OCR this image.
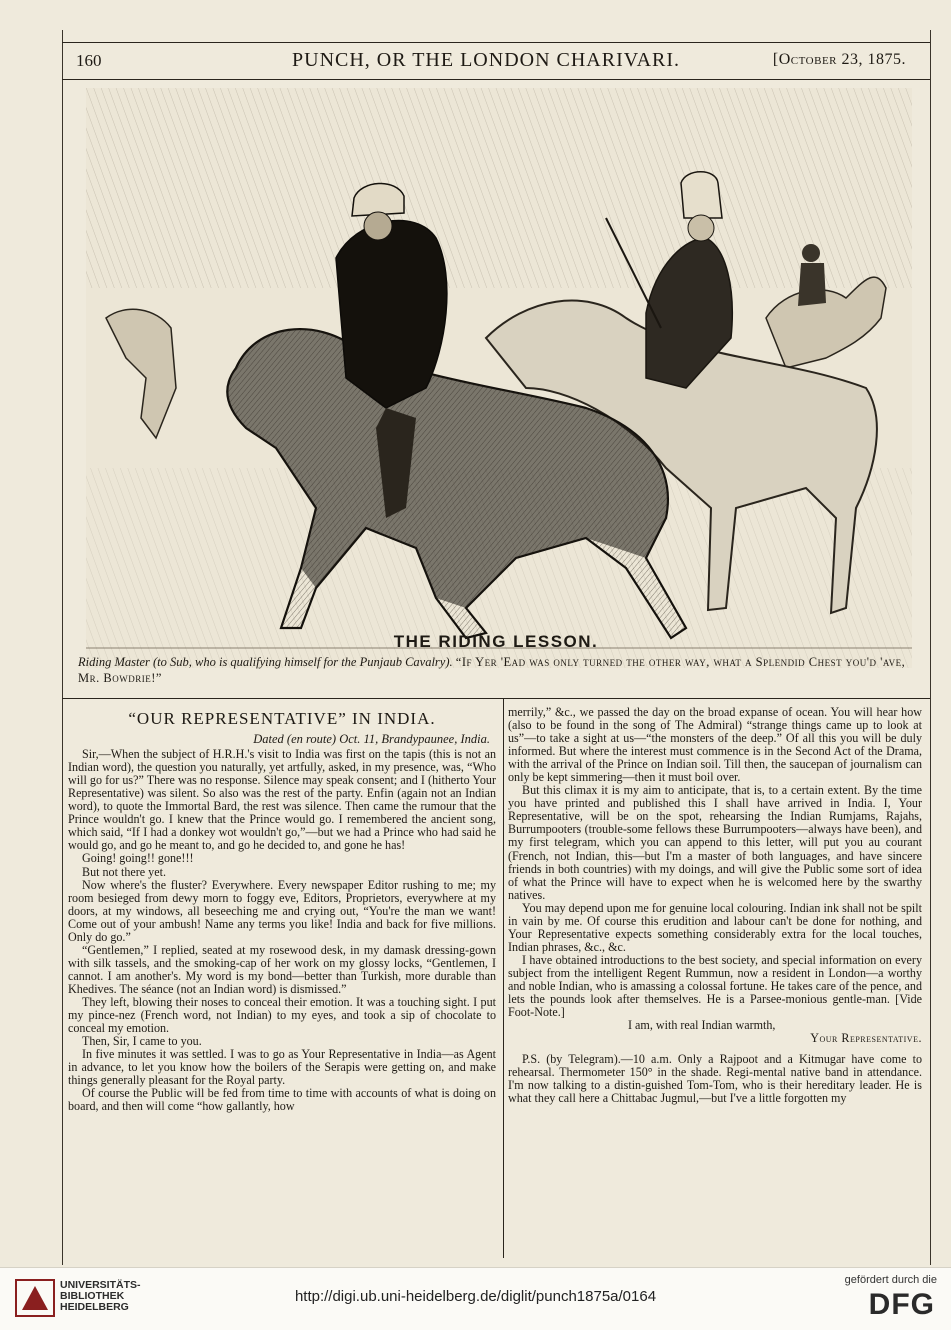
160	PUNCH, OR THE LONDON CHARIVARI.	[October 23, 1875.
THE RIDING LESSON.
Riding Master (to Sub, who is qualifying himself for the Punjaub Cavalry). “If Yer 'Ead was only turned the other way, what a Splendid Chest you'd 'ave, Mr. Bowdrie!”
“OUR REPRESENTATIVE” IN INDIA.
Dated (en route) Oct. 11, Brandypaunee, India.

Sir,—When the subject of H.R.H.'s visit to India was first on the tapis (this is not an Indian word), the question you naturally, yet artfully, asked, in my presence, was, “Who will go for us?” There was no response. Silence may speak consent; and I (hitherto Your Representative) was silent. So also was the rest of the party. Enfin (again not an Indian word), to quote the Immortal Bard, the rest was silence. Then came the rumour that the Prince wouldn't go. I knew that the Prince would go. I remembered the ancient song, which said, “If I had a donkey wot wouldn't go,”—but we had a Prince who had said he would go, and go he meant to, and go he decided to, and gone he has!

Going! going!! gone!!!

But not there yet.

Now where's the fluster? Everywhere. Every newspaper Editor rushing to me; my room besieged from dewy morn to foggy eve, Editors, Proprietors, everywhere at my doors, at my windows, all beseeching me and crying out, “You're the man we want! Come out of your ambush! Name any terms you like! India and back for five millions. Only do go.”

“Gentlemen,” I replied, seated at my rosewood desk, in my damask dressing-gown with silk tassels, and the smoking-cap of her work on my glossy locks, “Gentlemen, I cannot. I am another's. My word is my bond—better than Turkish, more durable than Khedives. The séance (not an Indian word) is dismissed.”

They left, blowing their noses to conceal their emotion. It was a touching sight. I put my pince-nez (French word, not Indian) to my eyes, and took a sip of chocolate to conceal my emotion.

Then, Sir, I came to you.

In five minutes it was settled. I was to go as Your Representative in India—as Agent in advance, to let you know how the boilers of the Serapis were getting on, and make things generally pleasant for the Royal party.

Of course the Public will be fed from time to time with accounts of what is doing on board, and then will come “how gallantly, how

merrily,” &c., we passed the day on the broad expanse of ocean. You will hear how (also to be found in the song of The Admiral) “strange things came up to look at us”—to take a sight at us—“the monsters of the deep.” Of all this you will be duly informed. But where the interest must commence is in the Second Act of the Drama, with the arrival of the Prince on Indian soil. Till then, the saucepan of journalism can only be kept simmering—then it must boil over.

But this climax it is my aim to anticipate, that is, to a certain extent. By the time you have printed and published this I shall have arrived in India. I, Your Representative, will be on the spot, rehearsing the Indian Rumjams, Rajahs, Burrumpooters (trouble-some fellows these Burrumpooters—always have been), and my first telegram, which you can append to this letter, will put you au courant (French, not Indian, this—but I'm a master of both languages, and have sincere friends in both countries) with my doings, and will give the Public some sort of idea of what the Prince will have to expect when he is welcomed here by the swarthy natives.

You may depend upon me for genuine local colouring. Indian ink shall not be spilt in vain by me. Of course this erudition and labour can't be done for nothing, and Your Representative expects something considerably extra for the local touches, Indian phrases, &c., &c.

I have obtained introductions to the best society, and special information on every subject from the intelligent Regent Rummun, now a resident in London—a worthy and noble Indian, who is amassing a colossal fortune. He takes care of the pence, and lets the pounds look after themselves. He is a Parsee-monious gentle-man. [Vide Foot-Note.]

I am, with real Indian warmth,

Your Representative.

P.S. (by Telegram).—10 a.m. Only a Rajpoot and a Kitmugar have come to rehearsal. Thermometer 150° in the shade. Regi-mental native band in attendance. I'm now talking to a distin-guished Tom-Tom, who is their hereditary leader. He is what they call here a Chittabac Jugmul,—but I've a little forgotten my

UNIVERSITÄTS-
BIBLIOTHEK
HEIDELBERG
http://digi.ub.uni-heidelberg.de/diglit/punch1875a/0164
gefördert durch die
DFG
